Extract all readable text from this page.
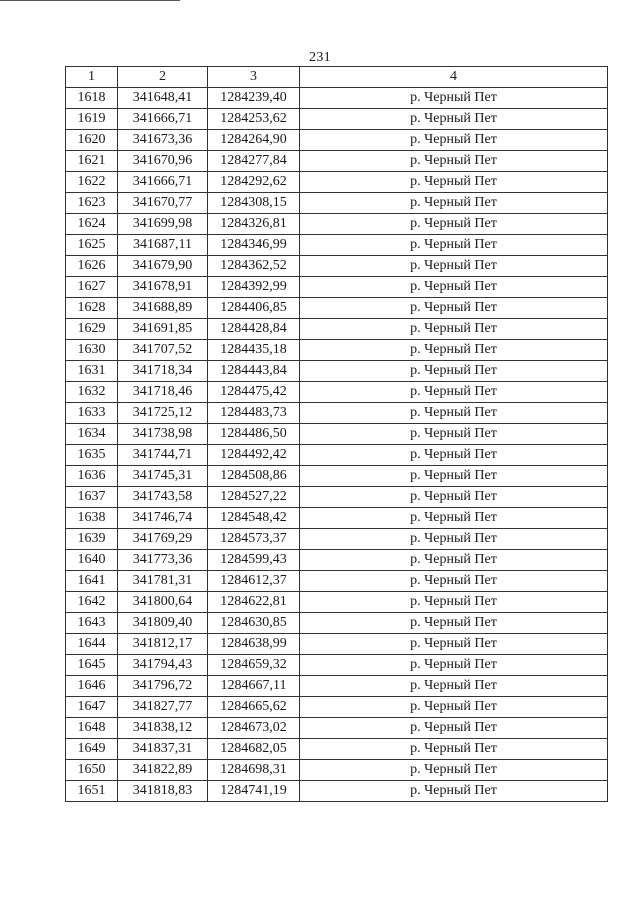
231
1	2	3	4
1618	341648,41	1284239,40	р. Черный Пет
1619	341666,71	1284253,62	р. Черный Пет
1620	341673,36	1284264,90	р. Черный Пет
1621	341670,96	1284277,84	р. Черный Пет
1622	341666,71	1284292,62	р. Черный Пет
1623	341670,77	1284308,15	р. Черный Пет
1624	341699,98	1284326,81	р. Черный Пет
1625	341687,11	1284346,99	р. Черный Пет
1626	341679,90	1284362,52	р. Черный Пет
1627	341678,91	1284392,99	р. Черный Пет
1628	341688,89	1284406,85	р. Черный Пет
1629	341691,85	1284428,84	р. Черный Пет
1630	341707,52	1284435,18	р. Черный Пет
1631	341718,34	1284443,84	р. Черный Пет
1632	341718,46	1284475,42	р. Черный Пет
1633	341725,12	1284483,73	р. Черный Пет
1634	341738,98	1284486,50	р. Черный Пет
1635	341744,71	1284492,42	р. Черный Пет
1636	341745,31	1284508,86	р. Черный Пет
1637	341743,58	1284527,22	р. Черный Пет
1638	341746,74	1284548,42	р. Черный Пет
1639	341769,29	1284573,37	р. Черный Пет
1640	341773,36	1284599,43	р. Черный Пет
1641	341781,31	1284612,37	р. Черный Пет
1642	341800,64	1284622,81	р. Черный Пет
1643	341809,40	1284630,85	р. Черный Пет
1644	341812,17	1284638,99	р. Черный Пет
1645	341794,43	1284659,32	р. Черный Пет
1646	341796,72	1284667,11	р. Черный Пет
1647	341827,77	1284665,62	р. Черный Пет
1648	341838,12	1284673,02	р. Черный Пет
1649	341837,31	1284682,05	р. Черный Пет
1650	341822,89	1284698,31	р. Черный Пет
1651	341818,83	1284741,19	р. Черный Пет
